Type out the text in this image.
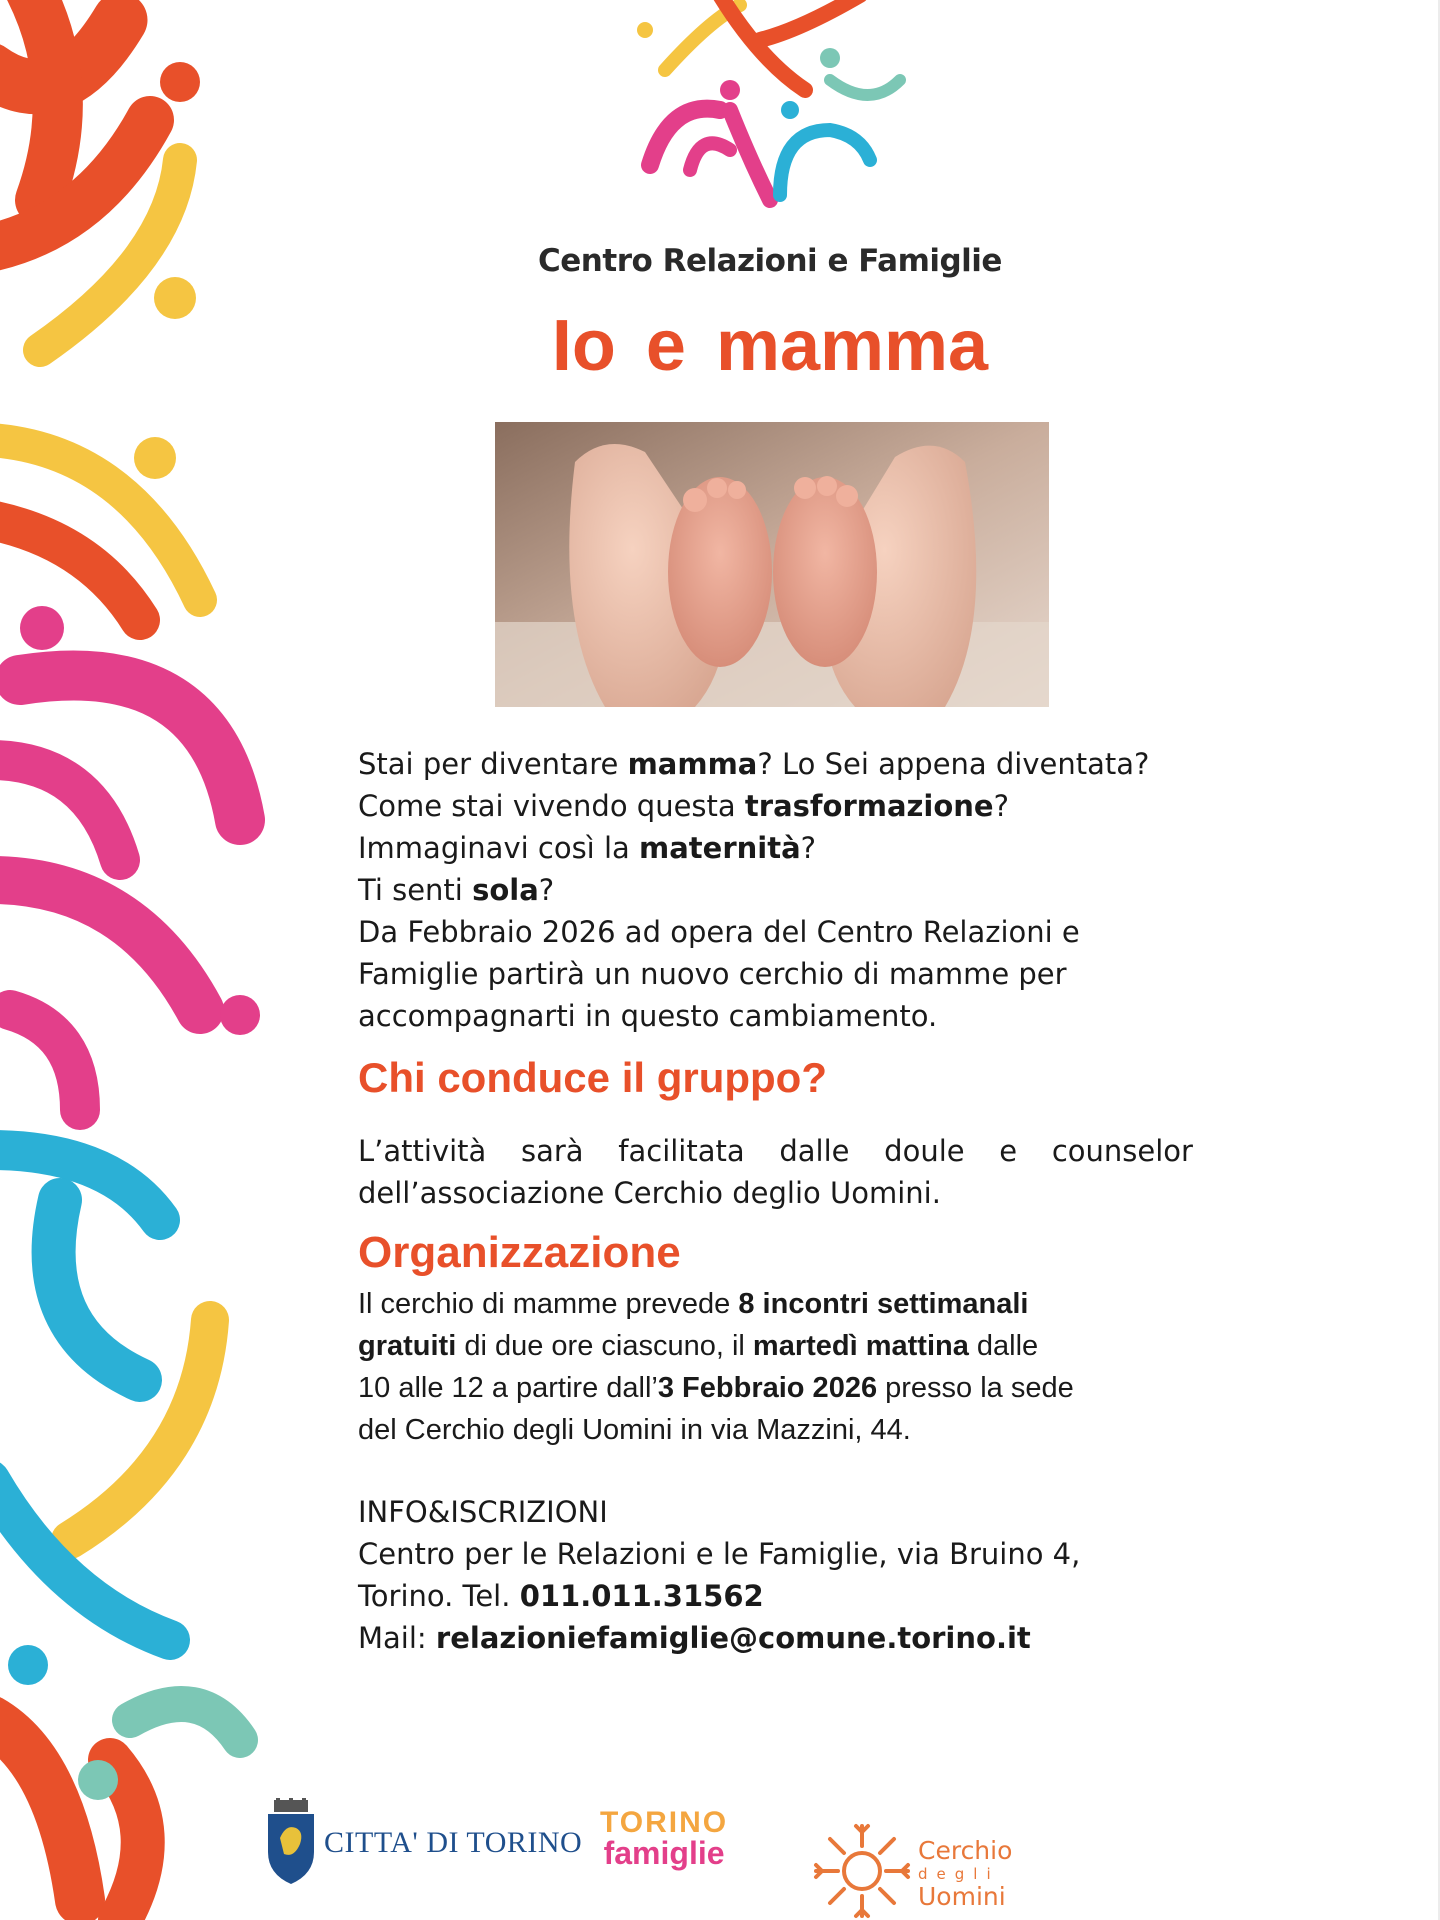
Centro Relazioni e Famiglie
Io e mamma
Stai per diventare mamma? Lo Sei appena diventata?
Come stai vivendo questa trasformazione?
Immaginavi così la maternità?
Ti senti sola?
Da Febbraio 2026 ad opera del Centro Relazioni e
Famiglie partirà un nuovo cerchio di mamme per
accompagnarti in questo cambiamento.
Chi conduce il gruppo?
L’attività sarà facilitata dalle doule e counselor
dell’associazione Cerchio deglio Uomini.
Organizzazione
Il cerchio di mamme prevede 8 incontri settimanali
gratuiti di due ore ciascuno, il martedì mattina dalle
10 alle 12 a partire dall’3 Febbraio 2026 presso la sede
del Cerchio degli Uomini in via Mazzini, 44.
INFO&ISCRIZIONI
Centro per le Relazioni e le Famiglie, via Bruino 4,
Torino. Tel. 011.011.31562
Mail: relazioniefamiglie@comune.torino.it
CITTA' DI TORINO
TORINO
famiglie	Cerchio
degli
Uomini
